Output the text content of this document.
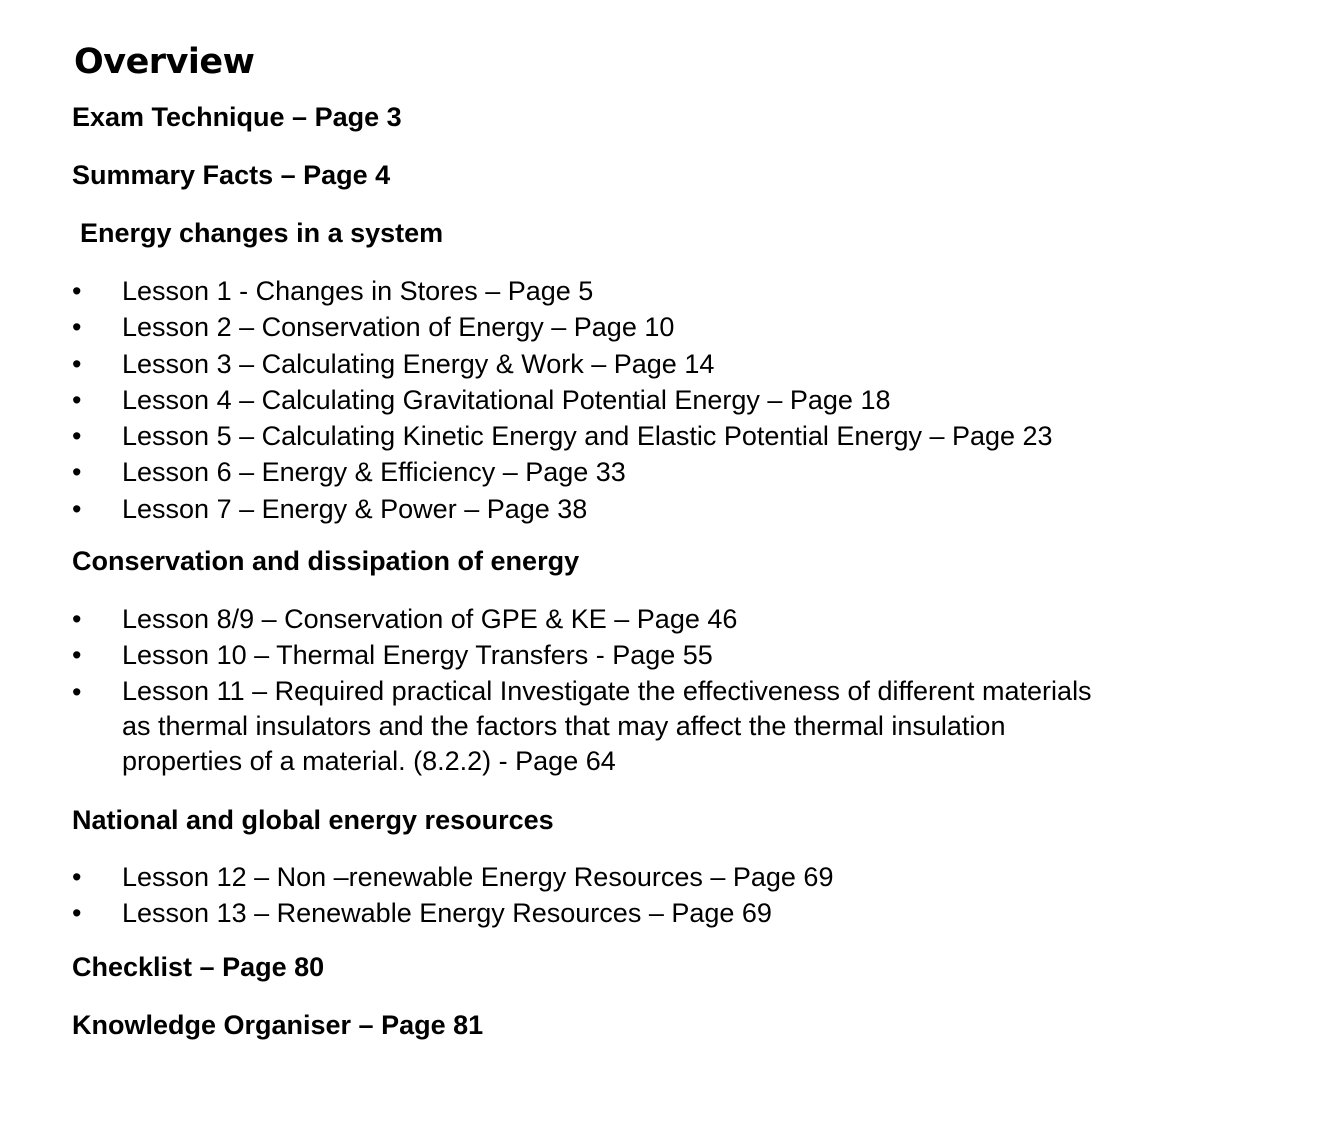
Overview
Exam Technique – Page 3
Summary Facts – Page 4
Energy changes in a system
•	Lesson 1 - Changes in Stores – Page 5
•	Lesson 2 – Conservation of Energy – Page 10
•	Lesson 3 – Calculating Energy & Work – Page 14
•	Lesson 4 – Calculating Gravitational Potential Energy – Page 18
•	Lesson 5 – Calculating Kinetic Energy and Elastic Potential Energy – Page 23
•	Lesson 6 – Energy & Efficiency – Page 33
•	Lesson 7 – Energy & Power – Page 38
Conservation and dissipation of energy
•	Lesson 8/9 – Conservation of GPE & KE – Page 46
•	Lesson 10 – Thermal Energy Transfers - Page 55
•	Lesson 11 – Required practical Investigate the effectiveness of different materials as thermal insulators and the factors that may affect the thermal insulation properties of a material. (8.2.2) - Page 64
National and global energy resources
•	Lesson 12 – Non –renewable Energy Resources – Page 69
•	Lesson 13 – Renewable Energy Resources – Page 69
Checklist – Page 80
Knowledge Organiser – Page 81
